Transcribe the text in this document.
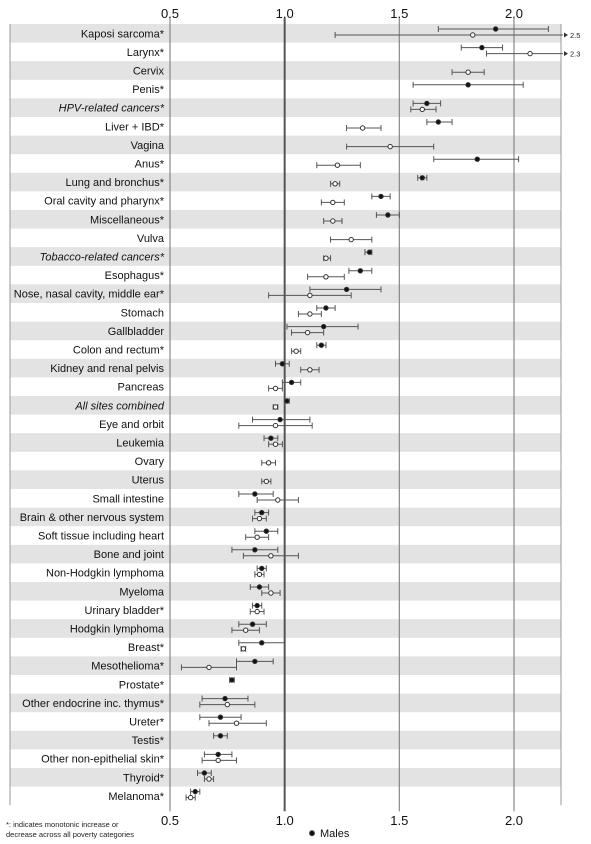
0.5	1.0	1.5	2.0
0.5	1.0	1.5	2.0
Kaposi sarcoma*
Larynx*
Cervix
Penis*
HPV-related cancers*
Liver + IBD*
Vagina
Anus*
Lung and bronchus*
Oral cavity and pharynx*
Miscellaneous*
Vulva
Tobacco-related cancers*
Esophagus*
Nose, nasal cavity, middle ear*
Stomach
Gallbladder
Colon and rectum*
Kidney and renal pelvis
Pancreas
All sites combined
Eye and orbit
Leukemia
Ovary
Uterus
Small intestine
Brain & other nervous system
Soft tissue including heart
Bone and joint
Non-Hodgkin lymphoma
Myeloma
Urinary bladder*
Hodgkin lymphoma
Breast*
Mesothelioma*
Prostate*
Other endocrine inc. thymus*
Ureter*
Testis*
Other non-epithelial skin*
Thyroid*
Melanoma*
2.5
2.3
*: indicates monotonic increase or
decrease across all poverty categories	Males
